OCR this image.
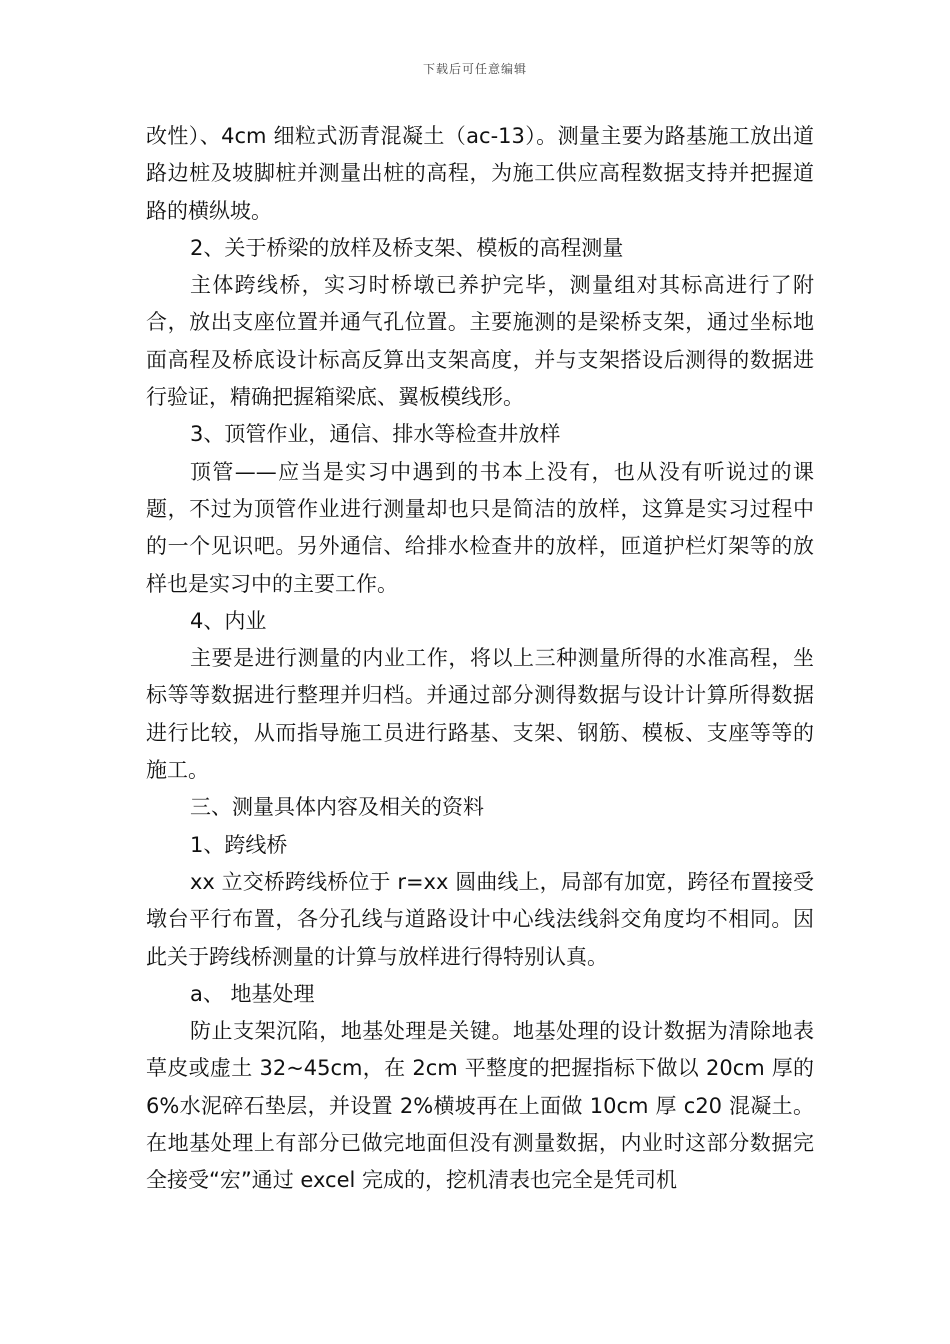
下载后可任意编辑

改性）、4cm 细粒式沥青混凝土（ac-13）。测量主要为路基施工放出道路边桩及坡脚桩并测量出桩的高程，为施工供应高程数据支持并把握道路的横纵坡。

2、关于桥梁的放样及桥支架、模板的高程测量

主体跨线桥，实习时桥墩已养护完毕，测量组对其标高进行了附合，放出支座位置并通气孔位置。主要施测的是梁桥支架，通过坐标地面高程及桥底设计标高反算出支架高度，并与支架搭设后测得的数据进行验证，精确把握箱梁底、翼板模线形。

3、顶管作业，通信、排水等检查井放样

顶管——应当是实习中遇到的书本上没有，也从没有听说过的课题，不过为顶管作业进行测量却也只是简洁的放样，这算是实习过程中的一个见识吧。另外通信、给排水检查井的放样，匝道护栏灯架等的放样也是实习中的主要工作。

4、内业

主要是进行测量的内业工作，将以上三种测量所得的水准高程，坐标等等数据进行整理并归档。并通过部分测得数据与设计计算所得数据进行比较，从而指导施工员进行路基、支架、钢筋、模板、支座等等的施工。

三、测量具体内容及相关的资料

1、跨线桥

xx 立交桥跨线桥位于 r=xx 圆曲线上，局部有加宽，跨径布置接受墩台平行布置，各分孔线与道路设计中心线法线斜交角度均不相同。因此关于跨线桥测量的计算与放样进行得特别认真。

a、 地基处理

防止支架沉陷，地基处理是关键。地基处理的设计数据为清除地表草皮或虚土 32~45cm，在 2cm 平整度的把握指标下做以 20cm 厚的 6%水泥碎石垫层，并设置 2%横坡再在上面做 10cm 厚 c20 混凝土。在地基处理上有部分已做完地面但没有测量数据，内业时这部分数据完全接受“宏”通过 excel 完成的，挖机清表也完全是凭司机
